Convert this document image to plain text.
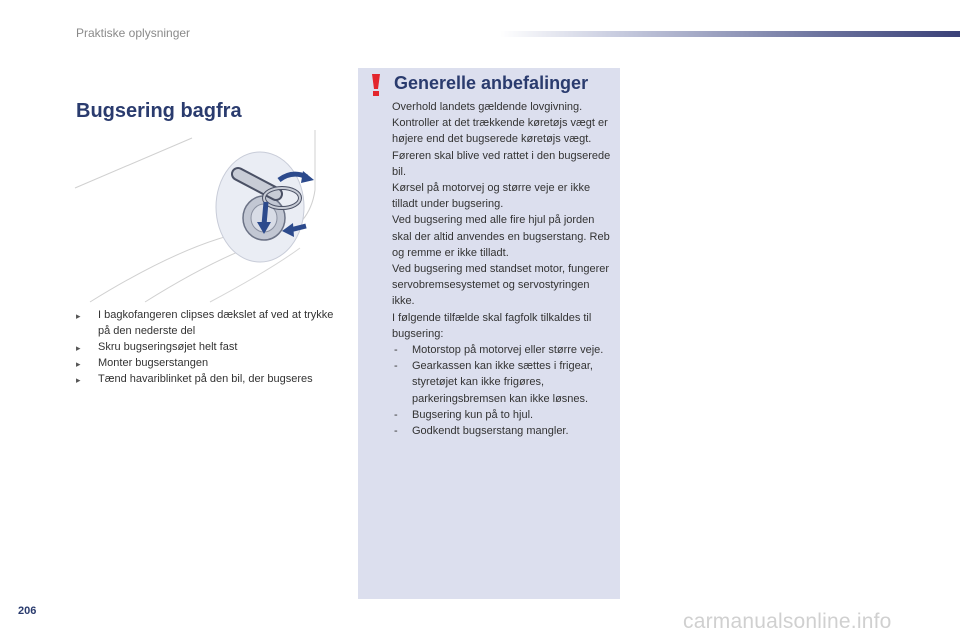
Praktiske oplysninger
Bugsering bagfra
▸ I bagkofangeren clipses dækslet af ved at trykke på den nederste del
▸ Skru bugseringsøjet helt fast
▸ Monter bugserstangen
▸ Tænd havariblinket på den bil, der bugseres
Generelle anbefalinger

Overhold landets gældende lovgivning.

Kontroller at det trækkende køretøjs vægt er højere end det bugserede køretøjs vægt.

Føreren skal blive ved rattet i den bugserede bil.

Kørsel på motorvej og større veje er ikke tilladt under bugsering.

Ved bugsering med alle fire hjul på jorden skal der altid anvendes en bugserstang. Reb og remme er ikke tilladt.

Ved bugsering med standset motor, fungerer servobremsesystemet og servostyringen ikke.

I følgende tilfælde skal fagfolk tilkaldes til bugsering:

- Motorstop på motorvej eller større veje.
- Gearkassen kan ikke sættes i frigear, styretøjet kan ikke frigøres, parkeringsbremsen kan ikke løsnes.
- Bugsering kun på to hjul.
- Godkendt bugserstang mangler.
206	carmanualsonline.info
